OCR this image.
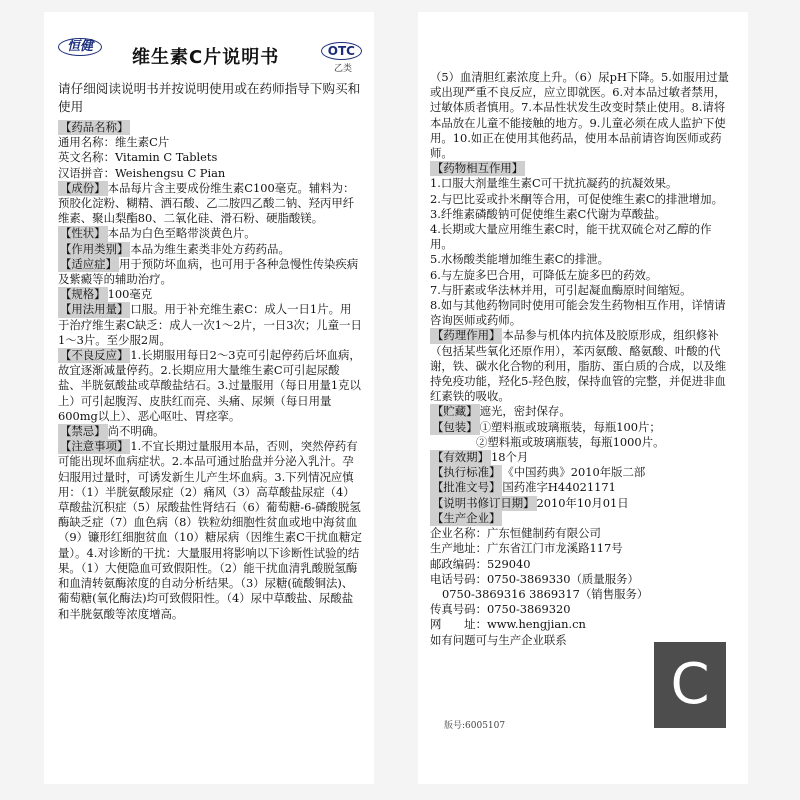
恒健
维生素C片说明书	OTC
乙类
请仔细阅读说明书并按说明使用或在药师指导下购买和使用
【药品名称】
通用名称：维生素C片
英文名称：Vitamin C Tablets
汉语拼音：Weishengsu C Pian
【成份】 本品每片含主要成份维生素C100毫克。辅料为：预胶化淀粉、糊精、酒石酸、乙二胺四乙酸二钠、羟丙甲纤维素、聚山梨酯80、二氧化硅、滑石粉、硬脂酸镁。
【性状】 本品为白色至略带淡黄色片。
【作用类别】 本品为维生素类非处方药药品。
【适应症】 用于预防坏血病，也可用于各种急慢性传染疾病及紫癜等的辅助治疗。
【规格】 100毫克
【用法用量】 口服。用于补充维生素C：成人一日1片。用于治疗维生素C缺乏：成人一次1～2片，一日3次；儿童一日1～3片。至少服2周。
【不良反应】 1.长期服用每日2～3克可引起停药后坏血病，故宜逐渐减量停药。2.长期应用大量维生素C可引起尿酸盐、半胱氨酸盐或草酸盐结石。3.过量服用（每日用量1克以上）可引起腹泻、皮肤红而亮、头痛、尿频（每日用量600mg以上）、恶心呕吐、胃痉挛。
【禁忌】 尚不明确。
【注意事项】 1.不宜长期过量服用本品，否则，突然停药有可能出现坏血病症状。2.本品可通过胎盘并分泌入乳汁。孕妇服用过量时，可诱发新生儿产生坏血病。3.下列情况应慎用：（1）半胱氨酸尿症（2）痛风（3）高草酸盐尿症（4）草酸盐沉积症（5）尿酸盐性肾结石（6）葡萄糖-6-磷酸脱氢酶缺乏症（7）血色病（8）铁粒幼细胞性贫血或地中海贫血（9）镰形红细胞贫血（10）糖尿病（因维生素C干扰血糖定量）。4.对诊断的干扰：大量服用将影响以下诊断性试验的结果。（1）大便隐血可致假阳性。（2）能干扰血清乳酸脱氢酶和血清转氨酶浓度的自动分析结果。（3）尿糖(硫酸铜法)、葡萄糖(氧化酶法)均可致假阳性。（4）尿中草酸盐、尿酸盐和半胱氨酸等浓度增高。
（5）血清胆红素浓度上升。（6）尿pH下降。5.如服用过量或出现严重不良反应，应立即就医。6.对本品过敏者禁用，过敏体质者慎用。7.本品性状发生改变时禁止使用。8.请将本品放在儿童不能接触的地方。9.儿童必须在成人监护下使用。10.如正在使用其他药品，使用本品前请咨询医师或药师。
【药物相互作用】
1.口服大剂量维生素C可干扰抗凝药的抗凝效果。
2.与巴比妥或扑米酮等合用，可促使维生素C的排泄增加。
3.纤维素磷酸钠可促使维生素C代谢为草酸盐。
4.长期或大量应用维生素C时，能干扰双硫仑对乙醇的作用。
5.水杨酸类能增加维生素C的排泄。
6.与左旋多巴合用，可降低左旋多巴的药效。
7.与肝素或华法林并用，可引起凝血酶原时间缩短。
8.如与其他药物同时使用可能会发生药物相互作用，详情请咨询医师或药师。
【药理作用】 本品参与机体内抗体及胶原形成，组织修补（包括某些氧化还原作用），苯丙氨酸、酪氨酸、叶酸的代谢，铁、碳水化合物的利用，脂肪、蛋白质的合成，以及维持免疫功能，羟化5-羟色胺，保持血管的完整，并促进非血红素铁的吸收。
【贮藏】 遮光，密封保存。
【包装】 ①塑料瓶或玻璃瓶装，每瓶100片；
②塑料瓶或玻璃瓶装，每瓶1000片。
【有效期】 18个月
【执行标准】 《中国药典》2010年版二部
【批准文号】 国药准字H44021171
【说明书修订日期】 2010年10月01日
【生产企业】
企业名称：广东恒健制药有限公司
生产地址：广东省江门市龙溪路117号
邮政编码：529040
电话号码：0750-3869330（质量服务）
0750-3869316 3869317（销售服务）
传真号码：0750-3869320
网　　址：www.hengjian.cn
如有问题可与生产企业联系
C
版号:6005107
